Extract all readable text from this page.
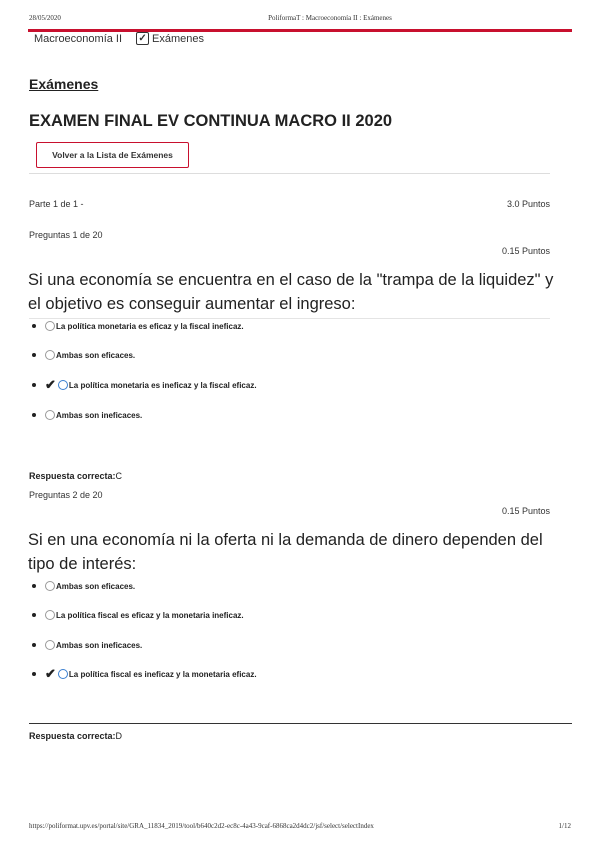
28/05/2020	PoliformaT : Macroeconomía II : Exámenes
Macroeconomía II ✓ Exámenes
Exámenes
EXAMEN FINAL EV CONTINUA MACRO II 2020
Volver a la Lista de Exámenes
Parte 1 de 1 -	3.0 Puntos
Preguntas 1 de 20
0.15 Puntos
Si una economía se encuentra en el caso de la "trampa de la liquidez" y el objetivo es conseguir aumentar el ingreso:
La política monetaria es eficaz y la fiscal ineficaz.
Ambas son eficaces.
✔ La política monetaria es ineficaz y la fiscal eficaz.
Ambas son ineficaces.
Respuesta correcta:C
Preguntas 2 de 20
0.15 Puntos
Si en una economía ni la oferta ni la demanda de dinero dependen del tipo de interés:
Ambas son eficaces.
La política fiscal es eficaz y la monetaria ineficaz.
Ambas son ineficaces.
✔ La política fiscal es ineficaz y la monetaria eficaz.
Respuesta correcta:D
https://poliformat.upv.es/portal/site/GRA_11834_2019/tool/b640c2d2-ec8c-4a43-9caf-6868ca2d4dc2/jsf/select/selectIndex	1/12
